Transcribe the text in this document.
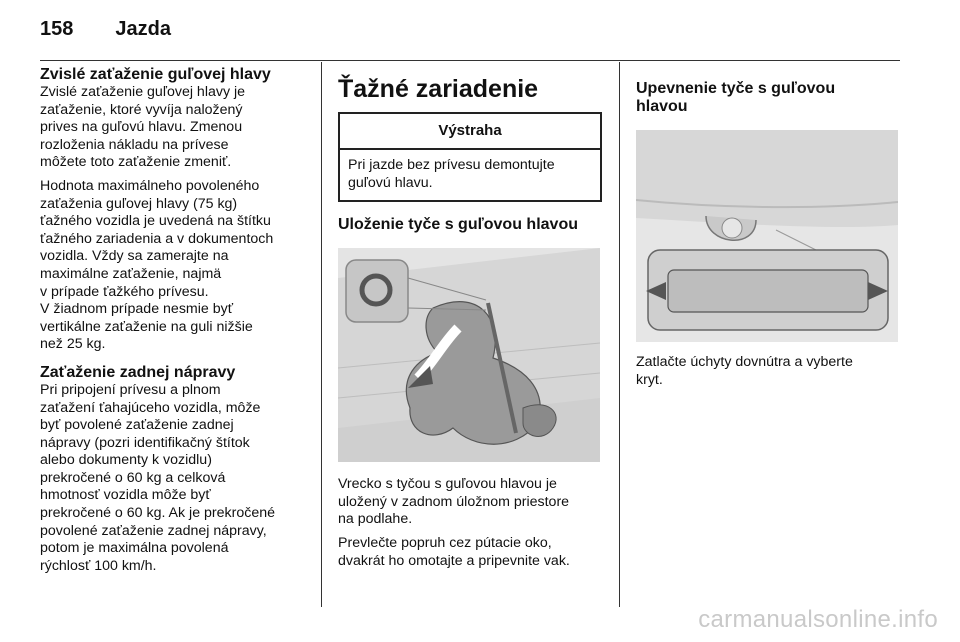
158 Jazda
Zvislé zaťaženie guľovej hlavy

Zvislé zaťaženie guľovej hlavy je
zaťaženie, ktoré vyvíja naložený
prives na guľovú hlavu. Zmenou
rozloženia nákladu na prívese
môžete toto zaťaženie zmeniť.

Hodnota maximálneho povoleného
zaťaženia guľovej hlavy (75 kg)
ťažného vozidla je uvedená na štítku
ťažného zariadenia a v dokumentoch
vozidla. Vždy sa zamerajte na
maximálne zaťaženie, najmä
v prípade ťažkého prívesu.
V žiadnom prípade nesmie byť
vertikálne zaťaženie na guli nižšie
než 25 kg.

Zaťaženie zadnej nápravy

Pri pripojení prívesu a plnom
zaťažení ťahajúceho vozidla, môže
byť povolené zaťaženie zadnej
nápravy (pozri identifikačný štítok
alebo dokumenty k vozidlu)
prekročené o 60 kg a celková
hmotnosť vozidla môže byť
prekročené o 60 kg. Ak je prekročené
povolené zaťaženie zadnej nápravy,
potom je maximálna povolená
rýchlosť 100 km/h.

Ťažné zariadenie
Výstraha
Pri jazde bez prívesu demontujte
guľovú hlavu.
Uloženie tyče s guľovou hlavou

Vrecko s tyčou s guľovou hlavou je
uložený v zadnom úložnom priestore
na podlahe.

Prevlečte popruh cez pútacie oko,
dvakrát ho omotajte a pripevnite vak.

Upevnenie tyče s guľovou
hlavou

Zatlačte úchyty dovnútra a vyberte
kryt.

carmanualsonline.info
